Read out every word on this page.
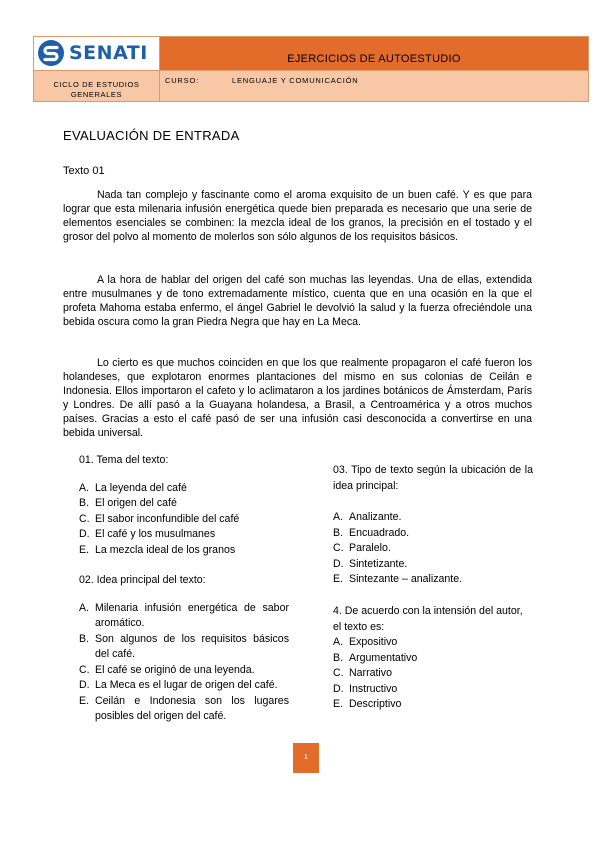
SENATI
CICLO DE ESTUDIOS GENERALES
EJERCICIOS DE AUTOESTUDIO
CURSO:	LENGUAJE Y COMUNICACIÓN
EVALUACIÓN DE ENTRADA
Texto 01

Nada tan complejo y fascinante como el aroma exquisito de un buen café. Y es que para lograr que esta milenaria infusión energética quede bien preparada es necesario que una serie de elementos esenciales se combinen: la mezcla ideal de los granos, la precisión en el tostado y el grosor del polvo al momento de molerlos son sólo algunos de los requisitos básicos.

A la hora de hablar del origen del café son muchas las leyendas. Una de ellas, extendida entre musulmanes y de tono extremadamente místico, cuenta que en una ocasión en la que el profeta Mahoma estaba enfermo, el ángel Gabriel le devolvió la salud y la fuerza ofreciéndole una bebida oscura como la gran Piedra Negra que hay en La Meca.

Lo cierto es que muchos coinciden en que los que realmente propagaron el café fueron los holandeses, que explotaron enormes plantaciones del mismo en sus colonias de Ceilán e Indonesia. Ellos importaron el cafeto y lo aclimataron a los jardines botánicos de Ámsterdam, París y Londres. De allí pasó a la Guayana holandesa, a Brasil, a Centroamérica y a otros muchos países. Gracias a esto el café pasó de ser una infusión casi desconocida a convertirse en una bebida universal.

01. Tema del texto:

A. La leyenda del café
B. El origen del café
C. El sabor inconfundible del café
D. El café y los musulmanes
E. La mezcla ideal de los granos

02. Idea principal del texto:

A. Milenaria infusión energética de sabor aromático.
B. Son algunos de los requisitos básicos del café.
C. El café se originó de una leyenda.
D. La Meca es el lugar de origen del café.
E. Ceilán e Indonesia son los lugares posibles del origen del café.

03. Tipo de texto según la ubicación de la idea principal:

A. Analizante.
B. Encuadrado.
C. Paralelo.
D. Sintetizante.
E. Sintezante – analizante.

4. De acuerdo con la intensión del autor, el texto es:

A. Expositivo
B. Argumentativo
C. Narrativo
D. Instructivo
E. Descriptivo
1
